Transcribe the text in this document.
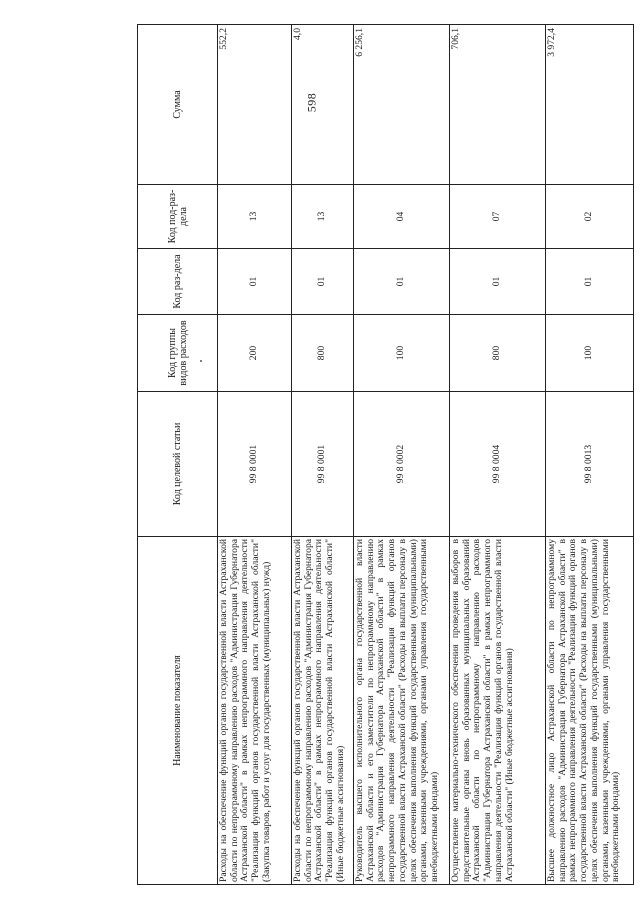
598
Наименование показателя	Код целевой статьи	Код группы видов расходов	Код раз-дела	Код под-раз-дела	Сумма
Расходы на обеспечение функций органов государственной власти Астраханской области по непрограммному направлению расходов "Администрация Губернатора Астраханской области" в рамках непрограммного направления деятельности "Реализация функций органов государственной власти Астраханской области" (Закупка товаров, работ и услуг для государственных (муниципальных) нужд)	99 8 0001	200	01	13	552,2
Расходы на обеспечение функций органов государственной власти Астраханской области по непрограммному направлению расходов "Администрация Губернатора Астраханской области" в рамках непрограммного направления деятельности "Реализация функций органов государственной власти Астраханской области" (Иные бюджетные ассигнования)	99 8 0001	800	01	13	4,0
Руководитель высшего исполнительного органа государственной власти Астраханской области и его заместители по непрограммному направлению расходов "Администрация Губернатора Астраханской области" в рамках непрограммного направления деятельности "Реализация функций органов государственной власти Астраханской области" (Расходы на выплаты персоналу в целях обеспечения выполнения функций государственными (муниципальными) органами, казенными учреждениями, органами управления государственными внебюджетными фондами)	99 8 0002	100	01	04	6 256,1
Осуществление материально-технического обеспечения проведения выборов в представительные органы вновь образованных муниципальных образований Астраханской области по непрограммному направлению расходов "Администрация Губернатора Астраханской области" в рамках непрограммного направления деятельности "Реализация функций органов государственной власти Астраханской области" (Иные бюджетные ассигнования)	99 8 0004	800	01	07	706,1
Высшее должностное лицо Астраханской области по непрограммному направлению расходов "Администрация Губернатора Астраханской области" в рамках непрограммного направления деятельности "Реализация функций органов государственной власти Астраханской области" (Расходы на выплаты персоналу в целях обеспечения выполнения функций государственными (муниципальными) органами, казенными учреждениями, органами управления государственными внебюджетными фондами)	99 8 0013	100	01	02	3 972,4
